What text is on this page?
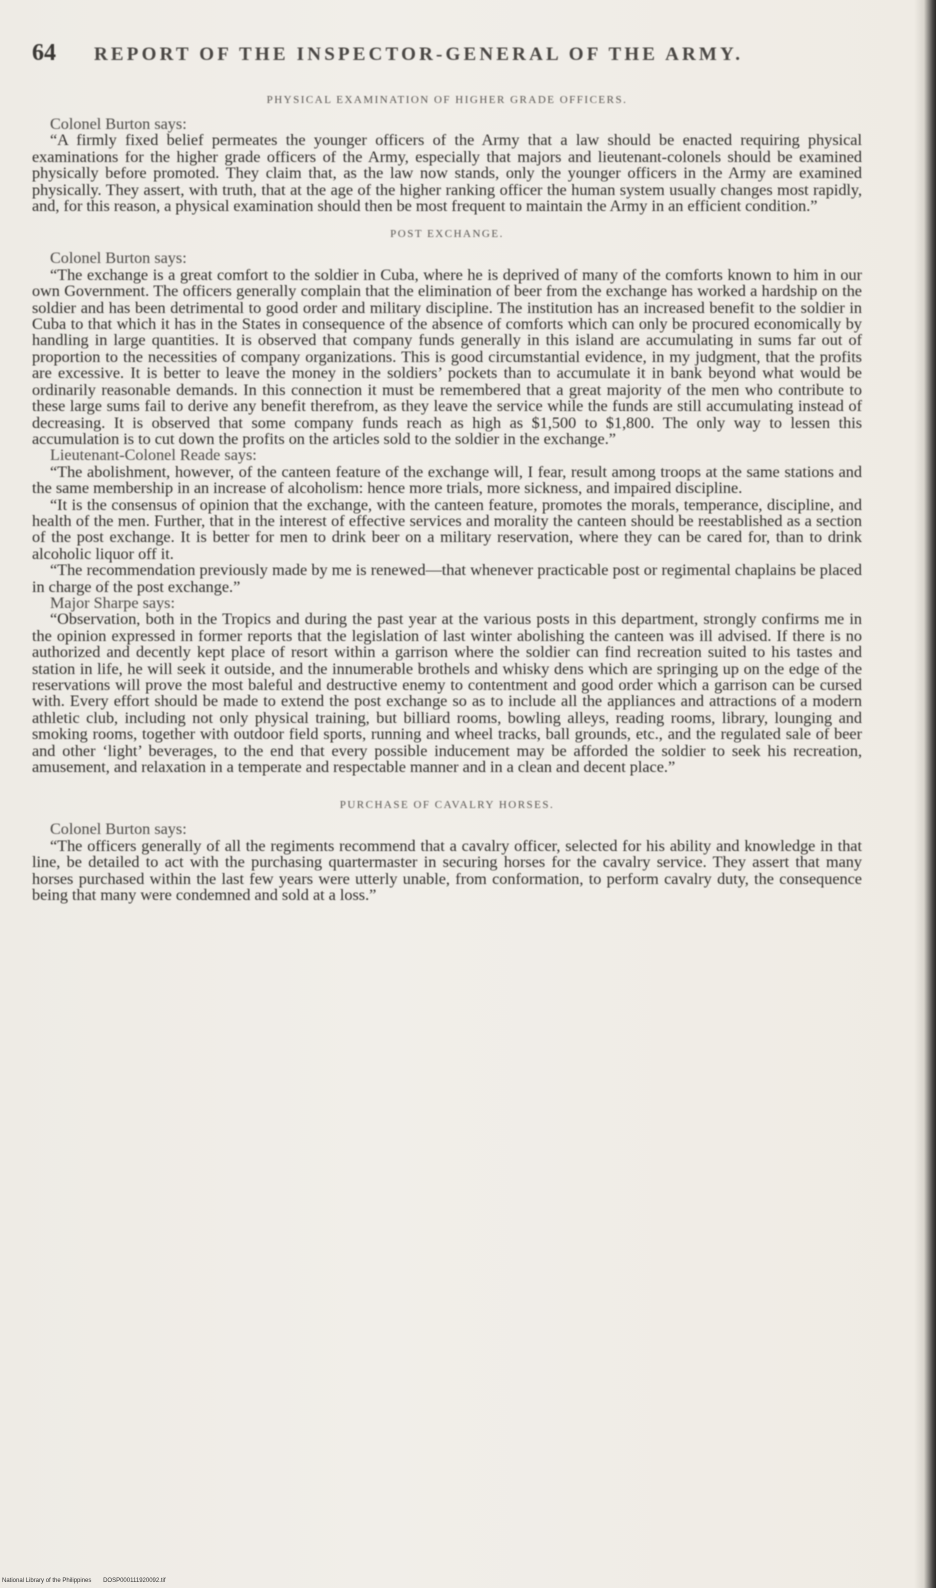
64 REPORT OF THE INSPECTOR-GENERAL OF THE ARMY.
PHYSICAL EXAMINATION OF HIGHER GRADE OFFICERS.
Colonel Burton says:

“A firmly fixed belief permeates the younger officers of the Army that a law should be enacted requiring physical examinations for the higher grade officers of the Army, especially that majors and lieutenant-colonels should be examined physically before promoted. They claim that, as the law now stands, only the younger officers in the Army are examined physically. They assert, with truth, that at the age of the higher ranking officer the human system usually changes most rapidly, and, for this reason, a physical examination should then be most frequent to maintain the Army in an efficient condition.”

POST EXCHANGE.
Colonel Burton says:

“The exchange is a great comfort to the soldier in Cuba, where he is deprived of many of the comforts known to him in our own Government. The officers generally complain that the elimination of beer from the exchange has worked a hardship on the soldier and has been detrimental to good order and military discipline. The institution has an increased benefit to the soldier in Cuba to that which it has in the States in consequence of the absence of comforts which can only be procured economically by handling in large quantities. It is observed that company funds generally in this island are accumulating in sums far out of proportion to the necessities of company organizations. This is good circumstantial evidence, in my judgment, that the profits are excessive. It is better to leave the money in the soldiers’ pockets than to accumulate it in bank beyond what would be ordinarily reasonable demands. In this connection it must be remembered that a great majority of the men who contribute to these large sums fail to derive any benefit therefrom, as they leave the service while the funds are still accumulating instead of decreasing. It is observed that some company funds reach as high as $1,500 to $1,800. The only way to lessen this accumulation is to cut down the profits on the articles sold to the soldier in the exchange.”

Lieutenant-Colonel Reade says:

“The abolishment, however, of the canteen feature of the exchange will, I fear, result among troops at the same stations and the same membership in an increase of alcoholism: hence more trials, more sickness, and impaired discipline.

“It is the consensus of opinion that the exchange, with the canteen feature, promotes the morals, temperance, discipline, and health of the men. Further, that in the interest of effective services and morality the canteen should be reestablished as a section of the post exchange. It is better for men to drink beer on a military reservation, where they can be cared for, than to drink alcoholic liquor off it.

“The recommendation previously made by me is renewed—that whenever practicable post or regimental chaplains be placed in charge of the post exchange.”

Major Sharpe says:

“Observation, both in the Tropics and during the past year at the various posts in this department, strongly confirms me in the opinion expressed in former reports that the legislation of last winter abolishing the canteen was ill advised. If there is no authorized and decently kept place of resort within a garrison where the soldier can find recreation suited to his tastes and station in life, he will seek it outside, and the innumerable brothels and whisky dens which are springing up on the edge of the reservations will prove the most baleful and destructive enemy to contentment and good order which a garrison can be cursed with. Every effort should be made to extend the post exchange so as to include all the appliances and attractions of a modern athletic club, including not only physical training, but billiard rooms, bowling alleys, reading rooms, library, lounging and smoking rooms, together with outdoor field sports, running and wheel tracks, ball grounds, etc., and the regulated sale of beer and other ‘light’ beverages, to the end that every possible inducement may be afforded the soldier to seek his recreation, amusement, and relaxation in a temperate and respectable manner and in a clean and decent place.”

PURCHASE OF CAVALRY HORSES.
Colonel Burton says:

“The officers generally of all the regiments recommend that a cavalry officer, selected for his ability and knowledge in that line, be detailed to act with the purchasing quartermaster in securing horses for the cavalry service. They assert that many horses purchased within the last few years were utterly unable, from conformation, to perform cavalry duty, the consequence being that many were condemned and sold at a loss.”

National Library of the Philippines DOSP000111920092.tif
